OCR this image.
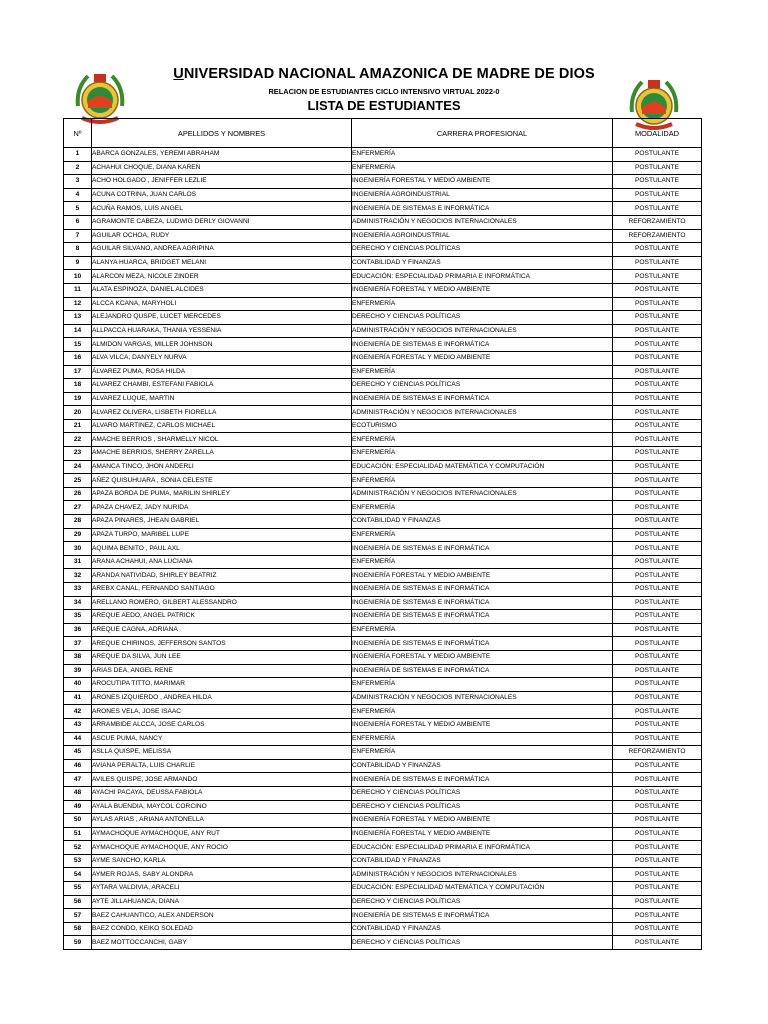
UNIVERSIDAD NACIONAL AMAZONICA DE MADRE DE DIOS
RELACION DE ESTUDIANTES CICLO INTENSIVO VIRTUAL 2022-0
LISTA DE ESTUDIANTES
Nº	APELLIDOS Y NOMBRES	CARRERA PROFESIONAL	MODALIDAD
1	ABARCA GONZALES, YEREMI ABRAHAM	ENFERMERÍA	POSTULANTE
2	ACHAHUI CHOQUE, DIANA KAREN	ENFERMERÍA	POSTULANTE
3	ACHO HOLGADO , JENIFFER LEZLIE	INGENIERÍA FORESTAL Y MEDIO AMBIENTE	POSTULANTE
4	ACUNA COTRINA, JUAN CARLOS	INGENIERÍA AGROINDUSTRIAL	POSTULANTE
5	ACUÑA RAMOS, LUIS ANGEL	INGENIERÍA DE SISTEMAS E INFORMÁTICA	POSTULANTE
6	AGRAMONTE CABEZA, LUDWIG DERLY GIOVANNI	ADMINISTRACIÓN Y NEGOCIOS INTERNACIONALES	REFORZAMIENTO
7	AGUILAR OCHOA, RUDY	INGENIERÍA AGROINDUSTRIAL	REFORZAMIENTO
8	AGUILAR SILVANO, ANDREA AGRIPINA	DERECHO Y CIENCIAS POLÍTICAS	POSTULANTE
9	ALANYA HUARCA, BRIDGET MELANI	CONTABILIDAD Y FINANZAS	POSTULANTE
10	ALARCON MEZA, NICOLE ZINDER	EDUCACIÓN: ESPECIALIDAD PRIMARIA E INFORMÁTICA	POSTULANTE
11	ALATA ESPINOZA, DANIEL ALCIDES	INGENIERÍA FORESTAL Y MEDIO AMBIENTE	POSTULANTE
12	ALCCA KCANA, MARYHOLI	ENFERMERÍA	POSTULANTE
13	ALEJANDRO QUSPE, LUCET MERCEDES	DERECHO Y CIENCIAS POLÍTICAS	POSTULANTE
14	ALLPACCA HUARAKA, THANIA YESSENIA	ADMINISTRACIÓN Y NEGOCIOS INTERNACIONALES	POSTULANTE
15	ALMIDON VARGAS, MILLER JOHNSON	INGENIERÍA DE SISTEMAS E INFORMÁTICA	POSTULANTE
16	ALVA VILCA, DANYELY NURVA	INGENIERÍA FORESTAL Y MEDIO AMBIENTE	POSTULANTE
17	ÁLVAREZ PUMA, ROSA HILDA	ENFERMERÍA	POSTULANTE
18	ALVAREZ CHAMBI, ESTEFANI FABIOLA	DERECHO Y CIENCIAS POLÍTICAS	POSTULANTE
19	ALVAREZ LUQUE, MARTIN	INGENIERÍA DE SISTEMAS E INFORMÁTICA	POSTULANTE
20	ALVAREZ OLIVERA, LISBETH FIORELLA	ADMINISTRACIÓN Y NEGOCIOS INTERNACIONALES	POSTULANTE
21	ALVARO MARTINEZ, CARLOS MICHAEL	ECOTURISMO	POSTULANTE
22	AMACHE BERRIOS , SHARMELLY NICOL	ENFERMERÍA	POSTULANTE
23	AMACHE BERRIOS, SHERRY ZARELLA	ENFERMERÍA	POSTULANTE
24	AMANCA TINCO, JHON ANDERLI	EDUCACIÓN: ESPECIALIDAD MATEMÁTICA Y COMPUTACIÓN	POSTULANTE
25	AÑEZ QUISUHUARA , SONIA CELESTE	ENFERMERÍA	POSTULANTE
26	APAZA BORDA DE PUMA, MARILIN SHIRLEY	ADMINISTRACIÓN Y NEGOCIOS INTERNACIONALES	POSTULANTE
27	APAZA CHAVEZ, JADY NURIDA	ENFERMERÍA	POSTULANTE
28	APAZA PINARES, JHEAN GABRIEL	CONTABILIDAD Y FINANZAS	POSTULANTE
29	APAZA TURPO, MARIBEL LUPE	ENFERMERÍA	POSTULANTE
30	AQUIMA BENITO , PAUL AXL	INGENIERÍA DE SISTEMAS E INFORMÁTICA	POSTULANTE
31	ARANA ACHAHUI, ANA LUCIANA	ENFERMERÍA	POSTULANTE
32	ARANDA NATIVIDAD, SHIRLEY BEATRIZ	INGENIERÍA FORESTAL Y MEDIO AMBIENTE	POSTULANTE
33	AREBX CANAL, FERNANDO SANTIAGO	INGENIERÍA DE SISTEMAS E INFORMÁTICA	POSTULANTE
34	ARELLANO ROMERO, GILBERT ALESSANDRO	INGENIERÍA DE SISTEMAS E INFORMÁTICA	POSTULANTE
35	AREQUE AEDO, ANGEL PATRICK	INGENIERÍA DE SISTEMAS E INFORMÁTICA	POSTULANTE
36	AREQUE CAGNA, ADRIANA	ENFERMERÍA	POSTULANTE
37	AREQUE CHIRINOS, JEFFERSON SANTOS	INGENIERÍA DE SISTEMAS E INFORMÁTICA	POSTULANTE
38	AREQUE DA SILVA, JUN LEE	INGENIERÍA FORESTAL Y MEDIO AMBIENTE	POSTULANTE
39	ARIAS DEA, ANGEL RENE	INGENIERÍA DE SISTEMAS E INFORMÁTICA	POSTULANTE
40	AROCUTIPA TITTO, MARIMAR	ENFERMERÍA	POSTULANTE
41	ARONES IZQUIERDO , ANDREA HILDA	ADMINISTRACIÓN Y NEGOCIOS INTERNACIONALES	POSTULANTE
42	ARONES VELA, JOSE ISAAC	ENFERMERÍA	POSTULANTE
43	ARRAMBIDE ALCCA, JOSE CARLOS	INGENIERÍA FORESTAL Y MEDIO AMBIENTE	POSTULANTE
44	ASCUE PUMA, NANCY	ENFERMERÍA	POSTULANTE
45	ASLLA QUISPE, MELISSA	ENFERMERÍA	REFORZAMIENTO
46	AVIANA PERALTA, LUIS CHARLIE	CONTABILIDAD Y FINANZAS	POSTULANTE
47	AVILES QUISPE, JOSE ARMANDO	INGENIERÍA DE SISTEMAS E INFORMÁTICA	POSTULANTE
48	AYACHI PACAYA, DEUSSA FABIOLA	DERECHO Y CIENCIAS POLÍTICAS	POSTULANTE
49	AYALA BUENDIA, MAYCOL CORCINO	DERECHO Y CIENCIAS POLÍTICAS	POSTULANTE
50	AYLAS ARIAS , ARIANA ANTONELLA	INGENIERÍA FORESTAL Y MEDIO AMBIENTE	POSTULANTE
51	AYMACHOQUE AYMACHOQUE, ANY RUT	INGENIERÍA FORESTAL Y MEDIO AMBIENTE	POSTULANTE
52	AYMACHOQUE AYMACHOQUE, ANY ROCIO	EDUCACIÓN: ESPECIALIDAD PRIMARIA E INFORMÁTICA	POSTULANTE
53	AYME SANCHO, KARLA	CONTABILIDAD Y FINANZAS	POSTULANTE
54	AYMER ROJAS, SABY ALONDRA	ADMINISTRACIÓN Y NEGOCIOS INTERNACIONALES	POSTULANTE
55	AYTARA VALDIVIA, ARACELI	EDUCACIÓN: ESPECIALIDAD MATEMÁTICA Y COMPUTACIÓN	POSTULANTE
56	AYTE JILLAHUANCA, DIANA	DERECHO Y CIENCIAS POLÍTICAS	POSTULANTE
57	BAEZ CAHUANTICO, ALEX ANDERSON	INGENIERÍA DE SISTEMAS E INFORMÁTICA	POSTULANTE
58	BAEZ CONDO, KEIKO SOLEDAD	CONTABILIDAD Y FINANZAS	POSTULANTE
59	BAEZ MOTTOCCANCHI, GABY	DERECHO Y CIENCIAS POLÍTICAS	POSTULANTE
